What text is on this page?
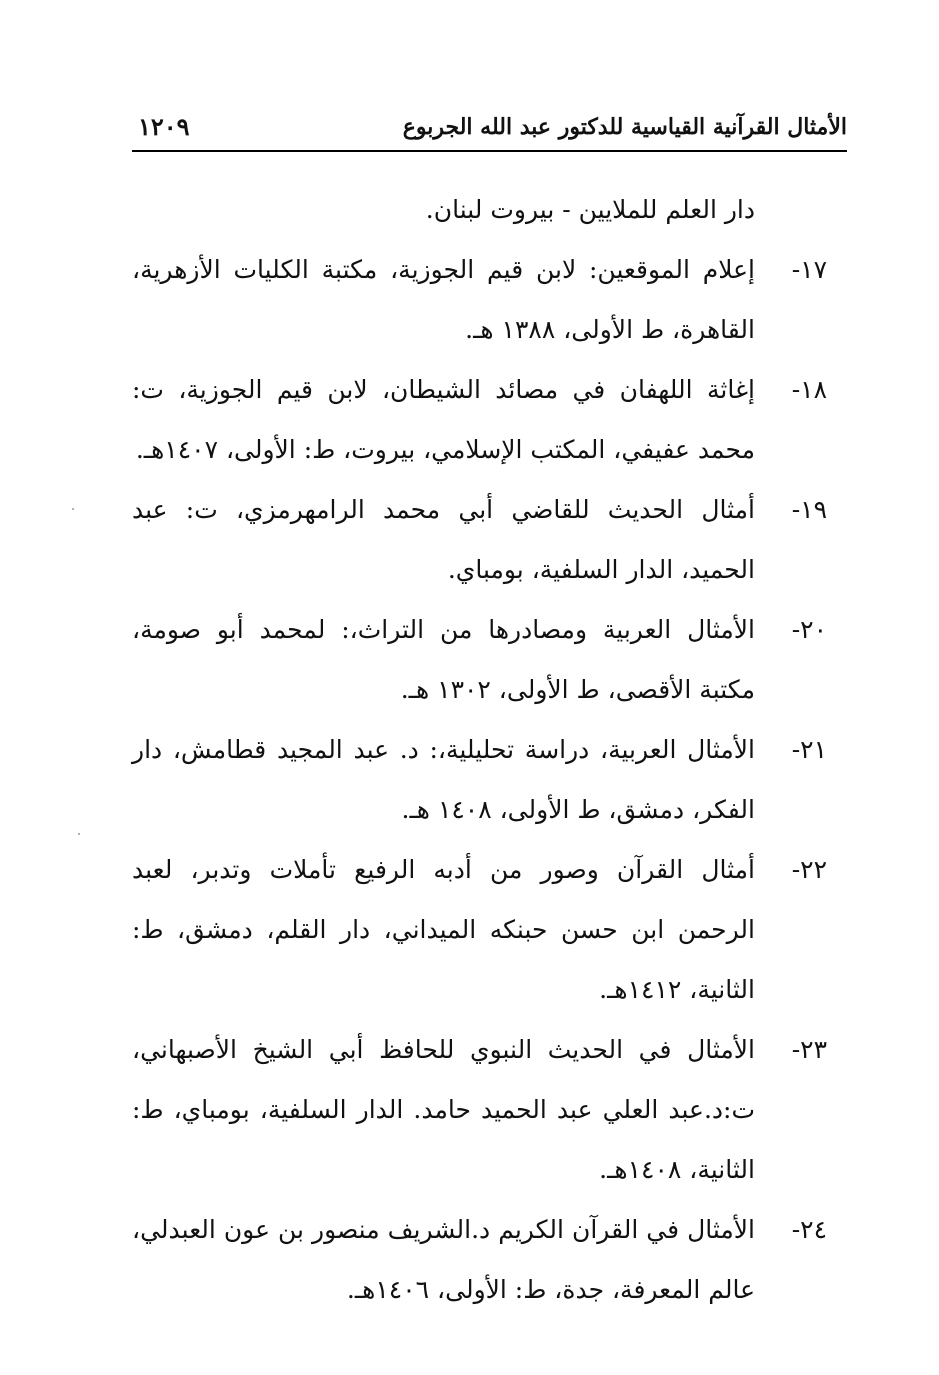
الأمثال القرآنية القياسية للدكتور عبد الله الجربوع
١٢٠٩
دار العلم للملايين - بيروت لبنان.
١٧-
إعلام الموقعين: لابن قيم الجوزية، مكتبة الكليات الأزهرية، القاهرة، ط الأولى، ١٣٨٨ هـ.
١٨-
إغاثة اللهفان في مصائد الشيطان، لابن قيم الجوزية، ت: محمد عفيفي، المكتب الإسلامي، بيروت، ط: الأولى، ١٤٠٧هـ.
١٩-
أمثال الحديث للقاضي أبي محمد الرامهرمزي، ت: عبد الحميد، الدار السلفية، بومباي.
٢٠-
الأمثال العربية ومصادرها من التراث،: لمحمد أبو صومة، مكتبة الأقصى، ط الأولى، ١٣٠٢ هـ.
٢١-
الأمثال العربية، دراسة تحليلية،: د. عبد المجيد قطامش، دار الفكر، دمشق، ط الأولى، ١٤٠٨ هـ.
٢٢-
أمثال القرآن وصور من أدبه الرفيع تأملات وتدبر، لعبد الرحمن ابن حسن حبنكه الميداني، دار القلم، دمشق، ط: الثانية، ١٤١٢هـ.
٢٣-
الأمثال في الحديث النبوي للحافظ أبي الشيخ الأصبهاني، ت:د.عبد العلي عبد الحميد حامد. الدار السلفية، بومباي، ط: الثانية، ١٤٠٨هـ.
٢٤-
الأمثال في القرآن الكريم د.الشريف منصور بن عون العبدلي، عالم المعرفة، جدة، ط: الأولى، ١٤٠٦هـ.
